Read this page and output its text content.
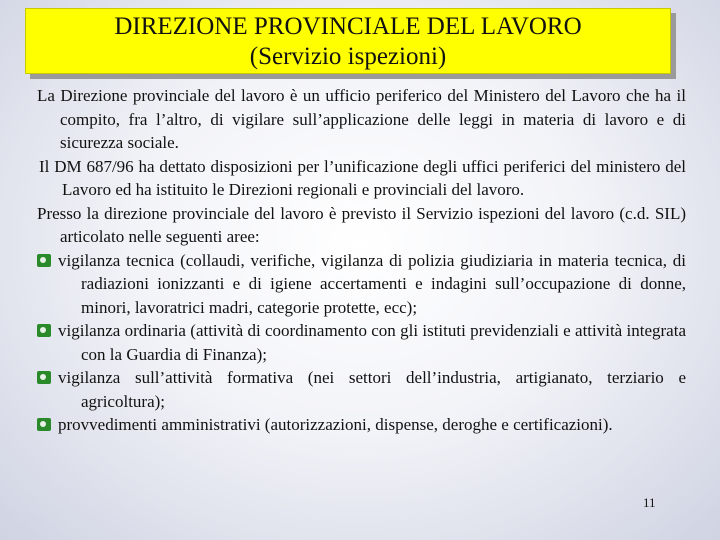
DIREZIONE PROVINCIALE DEL LAVORO
(Servizio ispezioni)

La Direzione provinciale del lavoro è un ufficio periferico del Ministero del Lavoro che ha il compito, fra l’altro, di vigilare sull’applicazione delle leggi in materia di lavoro e di sicurezza sociale.

Il DM 687/96 ha dettato disposizioni per l’unificazione degli uffici periferici del ministero del Lavoro ed ha istituito le Direzioni regionali e provinciali del lavoro.

Presso la direzione provinciale del lavoro è previsto il Servizio ispezioni del lavoro (c.d. SIL) articolato nelle seguenti aree:

vigilanza tecnica (collaudi, verifiche, vigilanza di polizia giudiziaria in materia tecnica, di radiazioni ionizzanti e di igiene accertamenti e indagini sull’occupazione di donne, minori, lavoratrici madri, categorie protette, ecc);
vigilanza ordinaria (attività di coordinamento con gli istituti previdenziali e attività integrata con la Guardia di Finanza);
vigilanza sull’attività formativa (nei settori dell’industria, artigianato, terziario e agricoltura);
provvedimenti amministrativi (autorizzazioni, dispense, deroghe e certificazioni).
11
